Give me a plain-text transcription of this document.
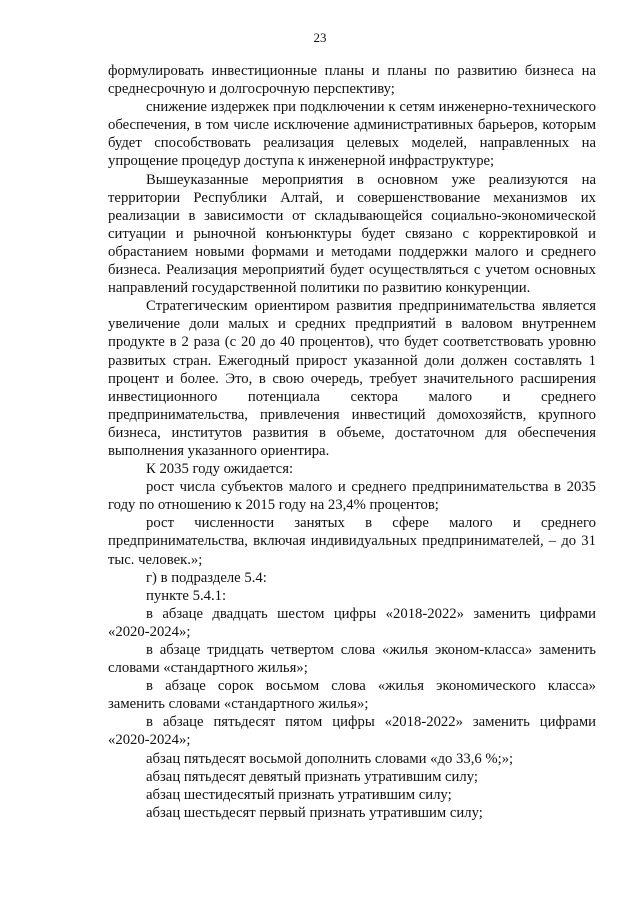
23

формулировать инвестиционные планы и планы по развитию бизнеса на среднесрочную и долгосрочную перспективу;

снижение издержек при подключении к сетям инженерно-технического обеспечения, в том числе исключение административных барьеров, которым будет способствовать реализация целевых моделей, направленных на упрощение процедур доступа к инженерной инфраструктуре;

Вышеуказанные мероприятия в основном уже реализуются на территории Республики Алтай, и совершенствование механизмов их реализации в зависимости от складывающейся социально-экономической ситуации и рыночной конъюнктуры будет связано с корректировкой и обрастанием новыми формами и методами поддержки малого и среднего бизнеса. Реализация мероприятий будет осуществляться с учетом основных направлений государственной политики по развитию конкуренции.

Стратегическим ориентиром развития предпринимательства является увеличение доли малых и средних предприятий в валовом внутреннем продукте в 2 раза (с 20 до 40 процентов), что будет соответствовать уровню развитых стран. Ежегодный прирост указанной доли должен составлять 1 процент и более. Это, в свою очередь, требует значительного расширения инвестиционного потенциала сектора малого и среднего предпринимательства, привлечения инвестиций домохозяйств, крупного бизнеса, институтов развития в объеме, достаточном для обеспечения выполнения указанного ориентира.

К 2035 году ожидается:

рост числа субъектов малого и среднего предпринимательства в 2035 году по отношению к 2015 году на 23,4% процентов;

рост численности занятых в сфере малого и среднего предпринимательства, включая индивидуальных предпринимателей, – до 31 тыс. человек.»;

г) в подразделе 5.4:

пункте 5.4.1:

в абзаце двадцать шестом цифры «2018-2022» заменить цифрами «2020-2024»;

в абзаце тридцать четвертом слова «жилья эконом-класса» заменить словами «стандартного жилья»;

в абзаце сорок восьмом слова «жилья экономического класса» заменить словами «стандартного жилья»;

в абзаце пятьдесят пятом цифры «2018-2022» заменить цифрами «2020-2024»;

абзац пятьдесят восьмой дополнить словами «до 33,6 %;»;

абзац пятьдесят девятый признать утратившим силу;

абзац шестидесятый признать утратившим силу;

абзац шестьдесят первый признать утратившим силу;
